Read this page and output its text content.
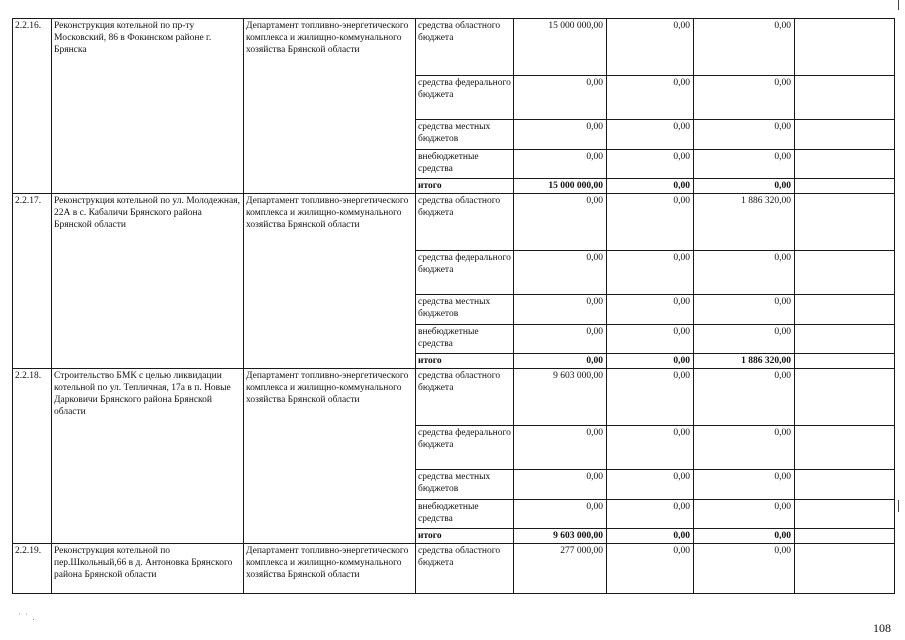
2.2.16.	Реконструкция котельной по пр-ту Московский, 86 в Фокинском районе г. Брянска	Департамент топливно-энергетического комплекса и жилищно-коммунального хозяйства Брянской области	средства областного бюджета	15 000 000,00	0,00	0,00	
			средства федерального бюджета	0,00	0,00	0,00	
			средства местных бюджетов	0,00	0,00	0,00	
			внебюджетные средства	0,00	0,00	0,00	
			итого	15 000 000,00	0,00	0,00	
2.2.17.	Реконструкция котельной по ул. Молодежная, 22А в с. Кабаличи Брянского района Брянской области	Департамент топливно-энергетического комплекса и жилищно-коммунального хозяйства Брянской области	средства областного бюджета	0,00	0,00	1 886 320,00	
			средства федерального бюджета	0,00	0,00	0,00	
			средства местных бюджетов	0,00	0,00	0,00	
			внебюджетные средства	0,00	0,00	0,00	
			итого	0,00	0,00	1 886 320,00	
2.2.18.	Строительство БМК с целью ликвидации котельной по ул. Тепличная, 17а в п. Новые Дарковичи Брянского района Брянской области	Департамент топливно-энергетического комплекса и жилищно-коммунального хозяйства Брянской области	средства областного бюджета	9 603 000,00	0,00	0,00	
			средства федерального бюджета	0,00	0,00	0,00	
			средства местных бюджетов	0,00	0,00	0,00	
			внебюджетные средства	0,00	0,00	0,00	
			итого	9 603 000,00	0,00	0,00	
2.2.19.	Реконструкция котельной по пер.Школьный,66 в д. Антоновка Брянского района Брянской области	Департамент топливно-энергетического комплекса и жилищно-коммунального хозяйства Брянской области	средства областного бюджета	277 000,00	0,00	0,00	
˙ ˙ .
108
